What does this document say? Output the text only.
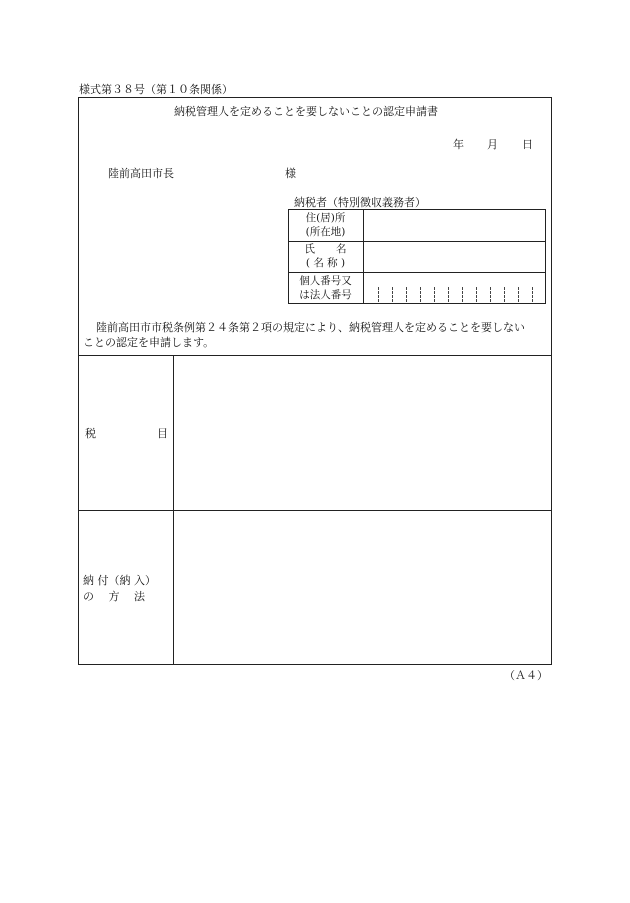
様式第３８号（第１０条関係）
納税管理人を定めることを要しないことの認定申請書
年 月 日
陸前高田市長	様
納税者（特別徴収義務者）
住(居)所
(所在地)
氏　　名
( 名 称 )
個人番号又
は法人番号
陸前高田市市税条例第２４条第２項の規定により、納税管理人を定めることを要しない
ことの認定を申請します。
税	目
納 付（納 入）
の　 方　 法
（Ａ４）
